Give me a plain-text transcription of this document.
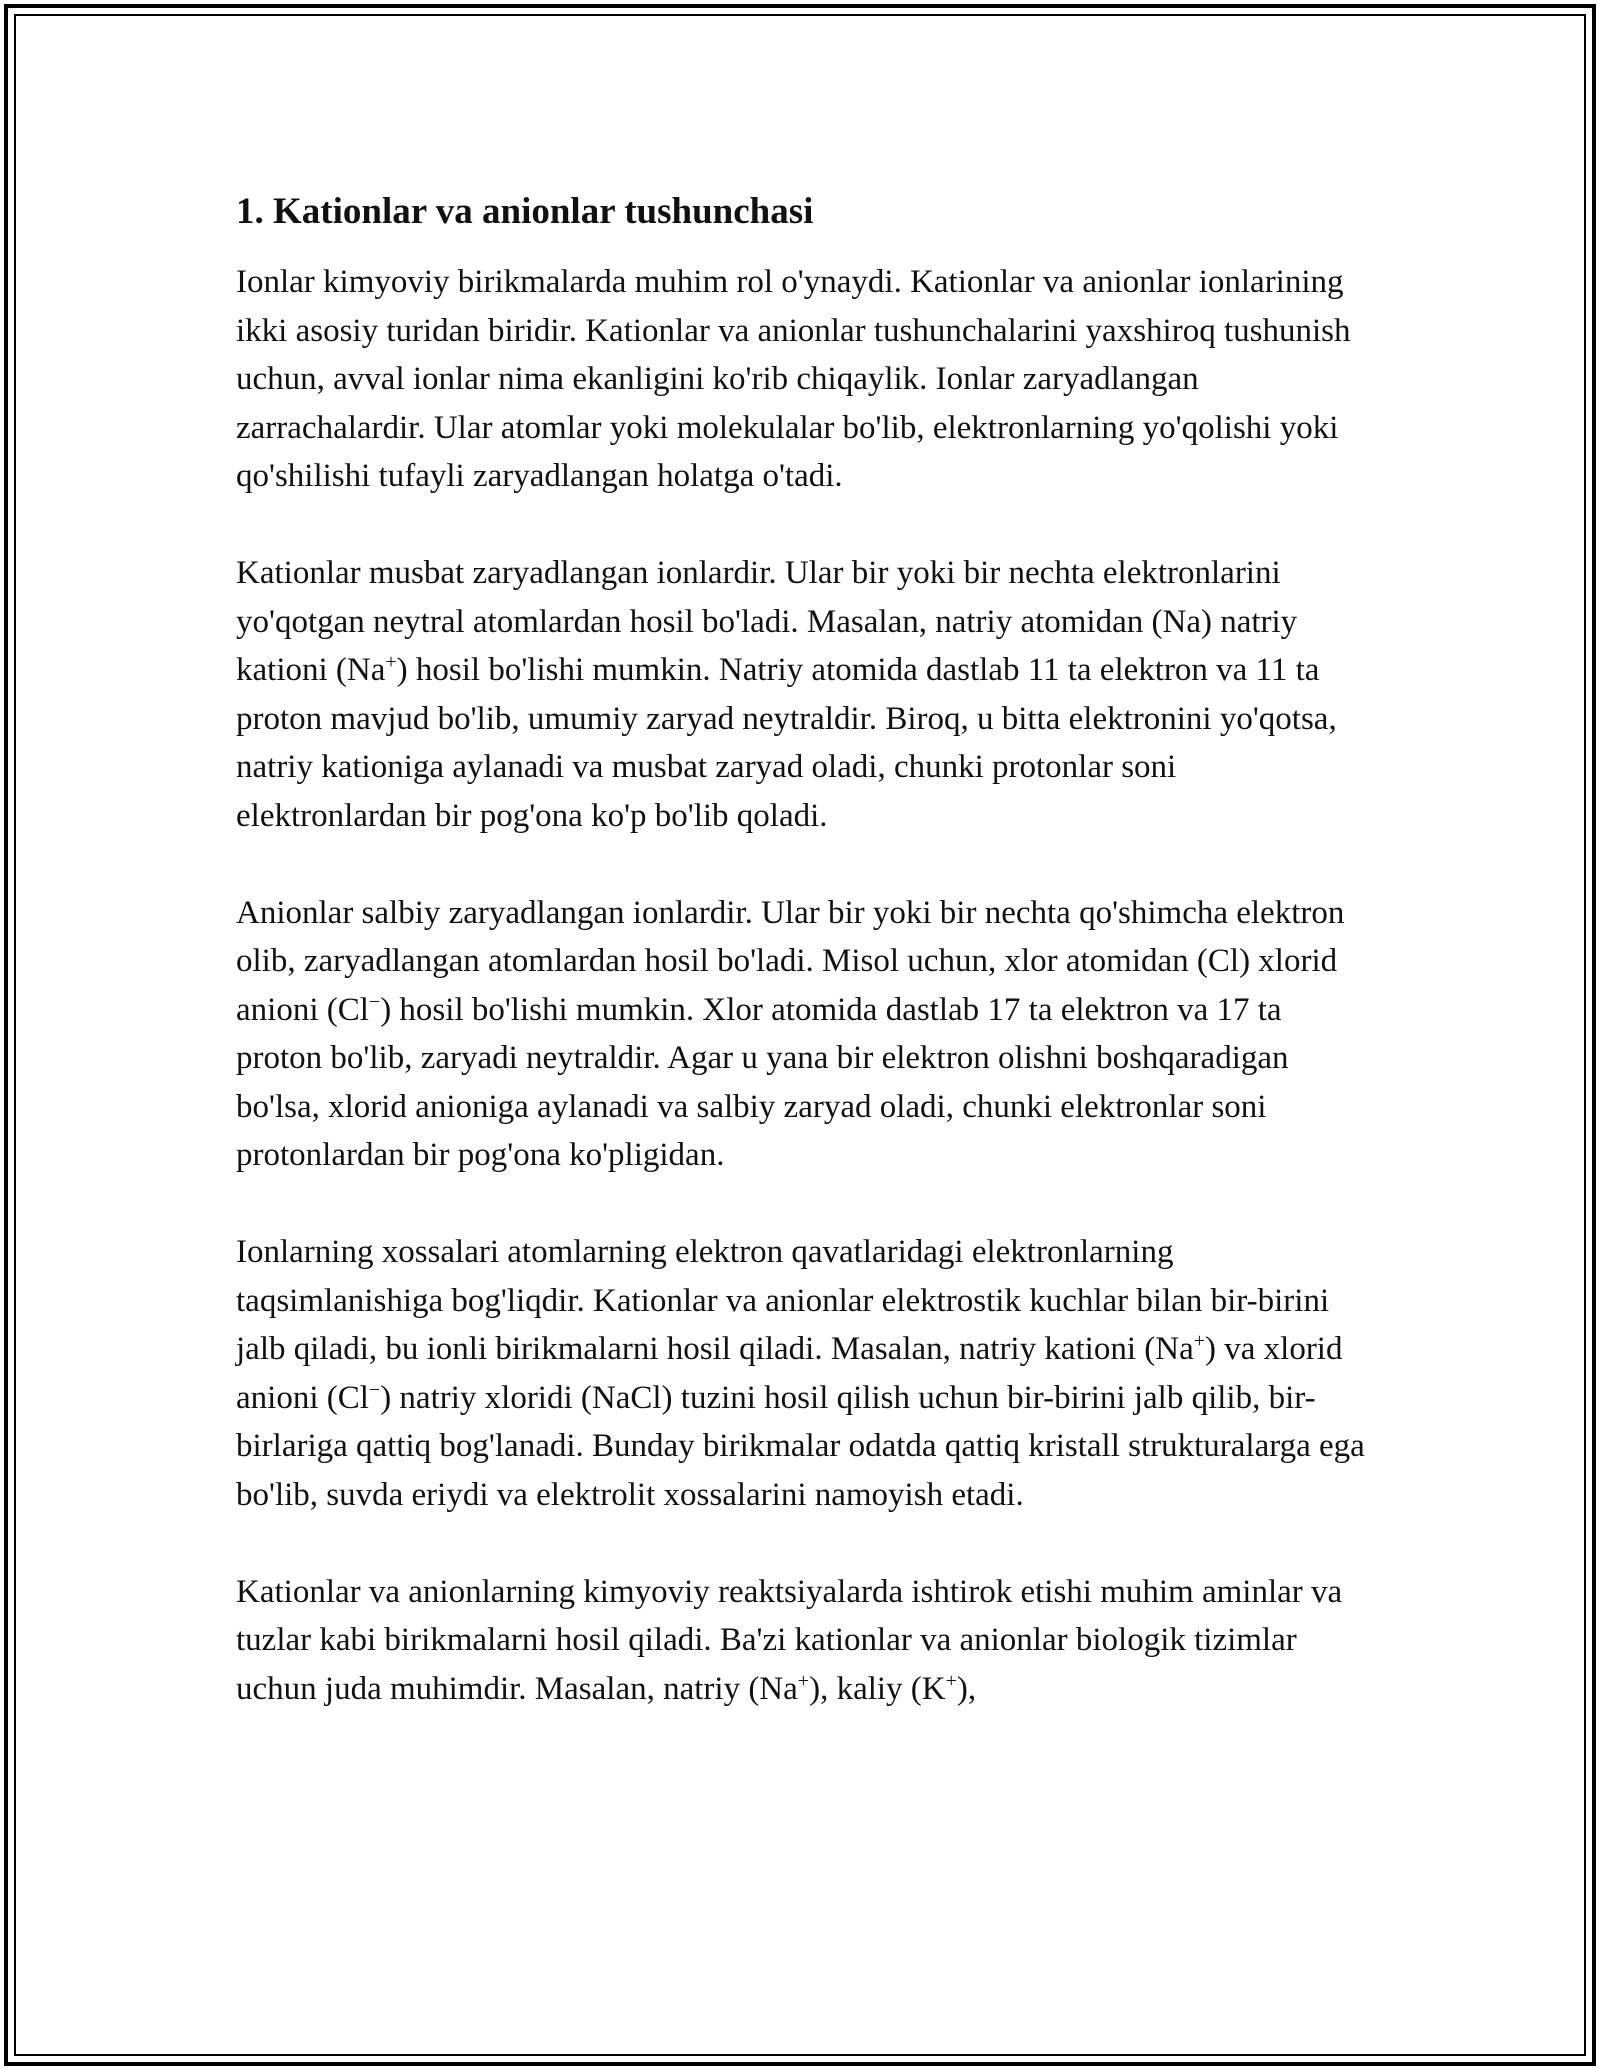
1. Kationlar va anionlar tushunchasi

Ionlar kimyoviy birikmalarda muhim rol o'ynaydi. Kationlar va anionlar ionlarining ikki asosiy turidan biridir. Kationlar va anionlar tushunchalarini yaxshiroq tushunish uchun, avval ionlar nima ekanligini ko'rib chiqaylik. Ionlar zaryadlangan zarrachalardir. Ular atomlar yoki molekulalar bo'lib, elektronlarning yo'qolishi yoki qo'shilishi tufayli zaryadlangan holatga o'tadi.

Kationlar musbat zaryadlangan ionlardir. Ular bir yoki bir nechta elektronlarini yo'qotgan neytral atomlardan hosil bo'ladi. Masalan, natriy atomidan (Na) natriy kationi (Na+) hosil bo'lishi mumkin. Natriy atomida dastlab 11 ta elektron va 11 ta proton mavjud bo'lib, umumiy zaryad neytraldir. Biroq, u bitta elektronini yo'qotsa, natriy kationiga aylanadi va musbat zaryad oladi, chunki protonlar soni elektronlardan bir pog'ona ko'p bo'lib qoladi.

Anionlar salbiy zaryadlangan ionlardir. Ular bir yoki bir nechta qo'shimcha elektron olib, zaryadlangan atomlardan hosil bo'ladi. Misol uchun, xlor atomidan (Cl) xlorid anioni (Cl−) hosil bo'lishi mumkin. Xlor atomida dastlab 17 ta elektron va 17 ta proton bo'lib, zaryadi neytraldir. Agar u yana bir elektron olishni boshqaradigan bo'lsa, xlorid anioniga aylanadi va salbiy zaryad oladi, chunki elektronlar soni protonlardan bir pog'ona ko'pligidan.

Ionlarning xossalari atomlarning elektron qavatlaridagi elektronlarning taqsimlanishiga bog'liqdir. Kationlar va anionlar elektrostik kuchlar bilan bir-birini jalb qiladi, bu ionli birikmalarni hosil qiladi. Masalan, natriy kationi (Na+) va xlorid anioni (Cl−) natriy xloridi (NaCl) tuzini hosil qilish uchun bir-birini jalb qilib, bir-birlariga qattiq bog'lanadi. Bunday birikmalar odatda qattiq kristall strukturalarga ega bo'lib, suvda eriydi va elektrolit xossalarini namoyish etadi.

Kationlar va anionlarning kimyoviy reaktsiyalarda ishtirok etishi muhim aminlar va tuzlar kabi birikmalarni hosil qiladi. Ba'zi kationlar va anionlar biologik tizimlar uchun juda muhimdir. Masalan, natriy (Na+), kaliy (K+),
